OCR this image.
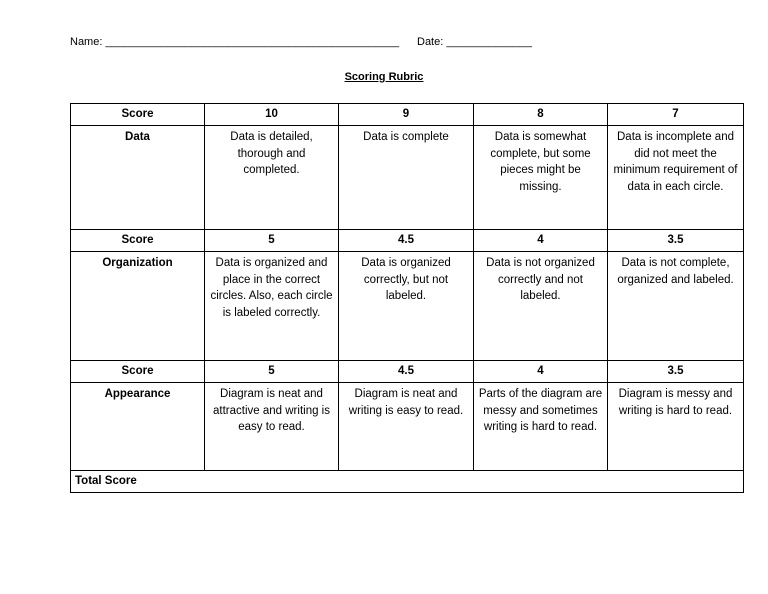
Name: ________________________________________________ Date: ______________
Scoring Rubric
Score	10	9	8	7
Data	Data is detailed, thorough and completed.	Data is complete	Data is somewhat complete, but some pieces might be missing.	Data is incomplete and did not meet the minimum requirement of data in each circle.
Score	5	4.5	4	3.5
Organization	Data is organized and place in the correct circles. Also, each circle is labeled correctly.	Data is organized correctly, but not labeled.	Data is not organized correctly and not labeled.	Data is not complete, organized and labeled.
Score	5	4.5	4	3.5
Appearance	Diagram is neat and attractive and writing is easy to read.	Diagram is neat and writing is easy to read.	Parts of the diagram are messy and sometimes writing is hard to read.	Diagram is messy and writing is hard to read.
Total Score				
